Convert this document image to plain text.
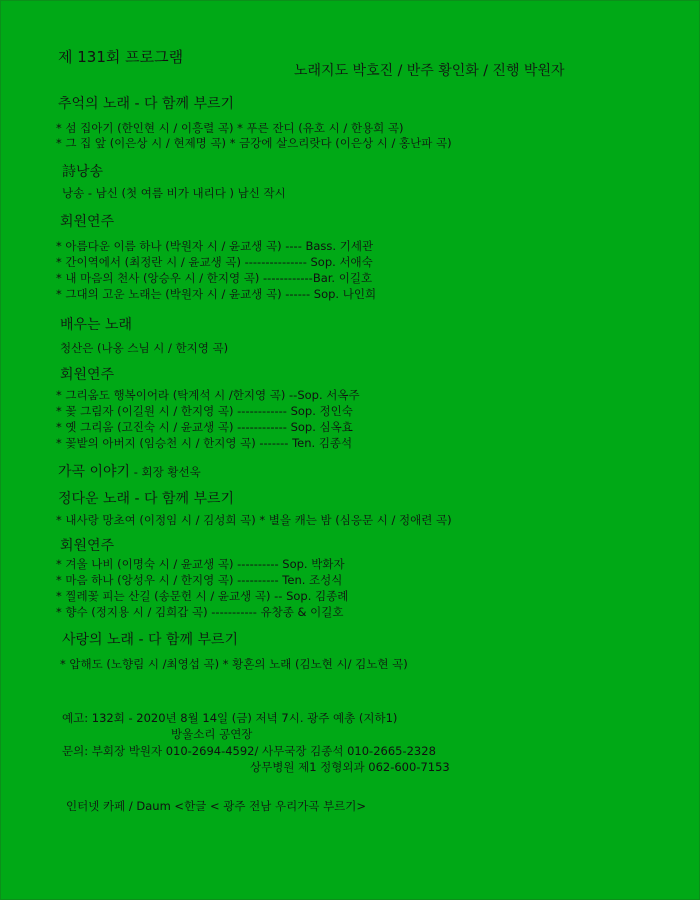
제 131회 프로그램
노래지도 박호진 / 반주 황인화 / 진행 박원자
추억의 노래 - 다 함께 부르기
* 섬 집아기 (한인현 시 / 이흥렬 곡) * 푸른 잔디 (유호 시 / 한용희 곡)
* 그 집 앞 (이은상 시 / 현제명 곡) * 금강에 살으리랏다 (이은상 시 / 홍난파 곡)
詩낭송
낭송 - 남신 (첫 여름 비가 내리다 ) 남신 작시
회원연주
* 아름다운 이름 하나 (박원자 시 / 윤교생 곡) ---- Bass. 기세관
* 간이역에서 (최정란 시 / 윤교생 곡) --------------- Sop. 서애숙
* 내 마음의 천사 (앙승우 시 / 한지영 곡) ------------Bar. 이길호
* 그대의 고운 노래는 (박원자 시 / 윤교생 곡) ------ Sop. 나인희
배우는 노래
청산은 (나옹 스님 시 / 한지영 곡)
회원연주
* 그리움도 행복이어라 (탁계석 시 /한지영 곡) --Sop. 서옥주
* 꽃 그림자 (이길원 시 / 한지영 곡) ------------ Sop. 정인숙
* 옛 그리움 (고진숙 시 / 윤교생 곡) ------------ Sop. 심옥효
* 꽃밭의 아버지 (임승천 시 / 한지영 곡) ------- Ten. 김종석
가곡 이야기 - 회장 황선욱
정다운 노래 - 다 함께 부르기
* 내사랑 망초여 (이정임 시 / 김성희 곡) * 별을 캐는 밤 (심응문 시 / 정애련 곡)
회원연주
* 겨울 나비 (이명숙 시 / 윤교생 곡) ---------- Sop. 박화자
* 마음 하나 (앙성우 시 / 한지영 곡) ---------- Ten. 조성식
* 찔레꽃 피는 산길 (송문헌 시 / 윤교생 곡) -- Sop. 김종례
* 향수 (정지용 시 / 김희갑 곡) ----------- 유창종 & 이길호
사랑의 노래 - 다 함께 부르기
* 압해도 (노향림 시 /최영섭 곡) * 황혼의 노래 (김노현 시/ 김노현 곡)
예고: 132회 - 2020년 8월 14일 (금) 저녁 7시. 광주 예총 (지하1)
방울소리 공연장
문의: 부회장 박원자 010-2694-4592/ 사무국장 김종석 010-2665-2328
상무병원 제1 정형외과 062-600-7153
인터넷 카페 / Daum <한글 < 광주 전남 우리가곡 부르기>
